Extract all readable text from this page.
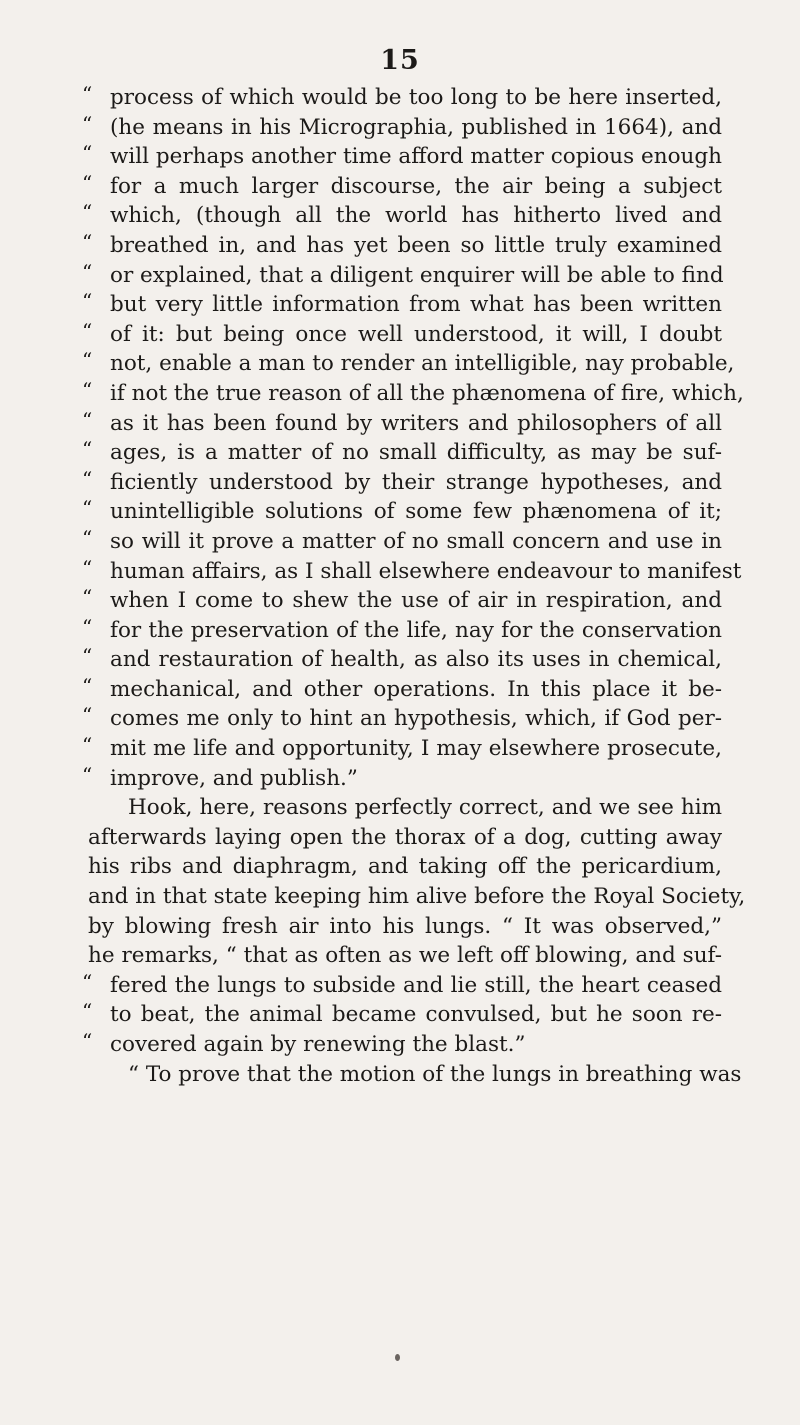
15
“ process of which would be too long to be here inserted,
“ (he means in his Micrographia, published in 1664), and
“ will perhaps another time afford matter copious enough
“ for a much larger discourse, the air being a subject
“ which, (though all the world has hitherto lived and
“ breathed in, and has yet been so little truly examined
“ or explained, that a diligent enquirer will be able to find
“ but very little information from what has been written
“ of it: but being once well understood, it will, I doubt
“ not, enable a man to render an intelligible, nay probable,
“ if not the true reason of all the phænomena of fire, which,
“ as it has been found by writers and philosophers of all
“ ages, is a matter of no small difficulty, as may be suf-
“ ficiently understood by their strange hypotheses, and
“ unintelligible solutions of some few phænomena of it;
“ so will it prove a matter of no small concern and use in
“ human affairs, as I shall elsewhere endeavour to manifest
“ when I come to shew the use of air in respiration, and
“ for the preservation of the life, nay for the conservation
“ and restauration of health, as also its uses in chemical,
“ mechanical, and other operations. In this place it be-
“ comes me only to hint an hypothesis, which, if God per-
“ mit me life and opportunity, I may elsewhere prosecute,
“ improve, and publish.”
Hook, here, reasons perfectly correct, and we see him
afterwards laying open the thorax of a dog, cutting away
his ribs and diaphragm, and taking off the pericardium,
and in that state keeping him alive before the Royal Society,
by blowing fresh air into his lungs. “ It was observed,”
he remarks, “ that as often as we left off blowing, and suf-
“ fered the lungs to subside and lie still, the heart ceased
“ to beat, the animal became convulsed, but he soon re-
“ covered again by renewing the blast.”
“ To prove that the motion of the lungs in breathing was
